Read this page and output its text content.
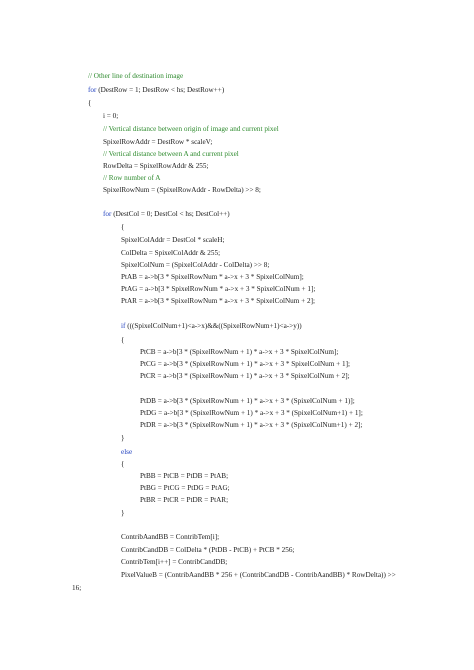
// Other line of destination image
for (DestRow = 1; DestRow < hs; DestRow++)
{
i = 0;
// Vertical distance between origin of image and current pixel
SpixelRowAddr = DestRow * scaleV;
// Vertical distance between A and current pixel
RowDelta = SpixelRowAddr & 255;
// Row number of A
SpixelRowNum = (SpixelRowAddr - RowDelta) >> 8;
for (DestCol = 0; DestCol < hs; DestCol++)
{
SpixelColAddr = DestCol * scaleH;
ColDelta = SpixelColAddr & 255;
SpixelColNum = (SpixelColAddr - ColDelta) >> 8;
PtAB = a->b[3 * SpixelRowNum * a->x + 3 * SpixelColNum];
PtAG = a->b[3 * SpixelRowNum * a->x + 3 * SpixelColNum + 1];
PtAR = a->b[3 * SpixelRowNum * a->x + 3 * SpixelColNum + 2];
if (((SpixelColNum+1)<a->x)&&((SpixelRowNum+1)<a->y))
{
PtCB = a->b[3 * (SpixelRowNum + 1) * a->x + 3 * SpixelColNum];
PtCG = a->b[3 * (SpixelRowNum + 1) * a->x + 3 * SpixelColNum + 1];
PtCR = a->b[3 * (SpixelRowNum + 1) * a->x + 3 * SpixelColNum + 2];
PtDB = a->b[3 * (SpixelRowNum + 1) * a->x + 3 * (SpixelColNum + 1)];
PtDG = a->b[3 * (SpixelRowNum + 1) * a->x + 3 * (SpixelColNum+1) + 1];
PtDR = a->b[3 * (SpixelRowNum + 1) * a->x + 3 * (SpixelColNum+1) + 2];
}
else
{
PtBB = PtCB = PtDB = PtAB;
PtBG = PtCG = PtDG = PtAG;
PtBR = PtCR = PtDR = PtAR;
}
ContribAandBB = ContribTem[i];
ContribCandDB = ColDelta * (PtDB - PtCB) + PtCB * 256;
ContribTem[i++] = ContribCandDB;
PixelValueB = (ContribAandBB * 256 + (ContribCandDB - ContribAandBB) * RowDelta)) >>
16;
